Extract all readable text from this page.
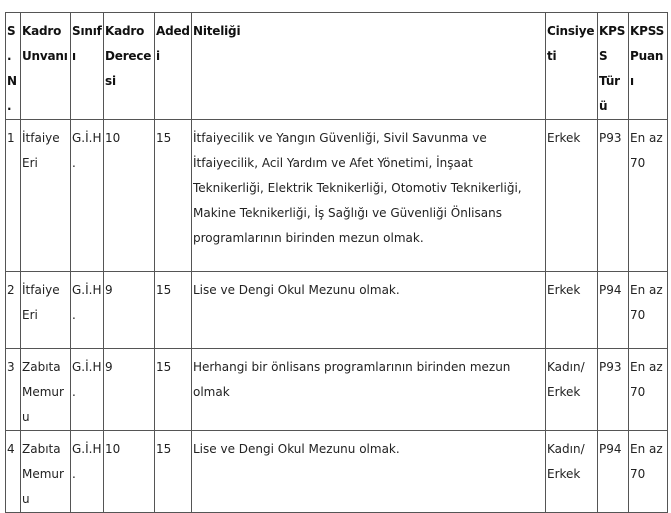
S. N.	Kadro Unvanı	Sınıfı	Kadro Derecesi	Adedi	Niteliği	Cinsiyeti	KPSS Türü	KPSS Puanı
1	İtfaiye Eri	G.İ.H.	10	15	İtfaiyecilik ve Yangın Güvenliği, Sivil Savunma ve İtfaiyecilik, Acil Yardım ve Afet Yönetimi, İnşaat Teknikerliği, Elektrik Teknikerliği, Otomotiv Teknikerliği, Makine Teknikerliği, İş Sağlığı ve Güvenliği Önlisans programlarının birinden mezun olmak.	Erkek	P93	En az 70
2	İtfaiye Eri	G.İ.H.	9	15	Lise ve Dengi Okul Mezunu olmak.	Erkek	P94	En az 70
3	Zabıta Memuru	G.İ.H.	9	15	Herhangi bir önlisans programlarının birinden mezun olmak	Kadın/ Erkek	P93	En az 70
4	Zabıta Memuru	G.İ.H.	10	15	Lise ve Dengi Okul Mezunu olmak.	Kadın/ Erkek	P94	En az 70
